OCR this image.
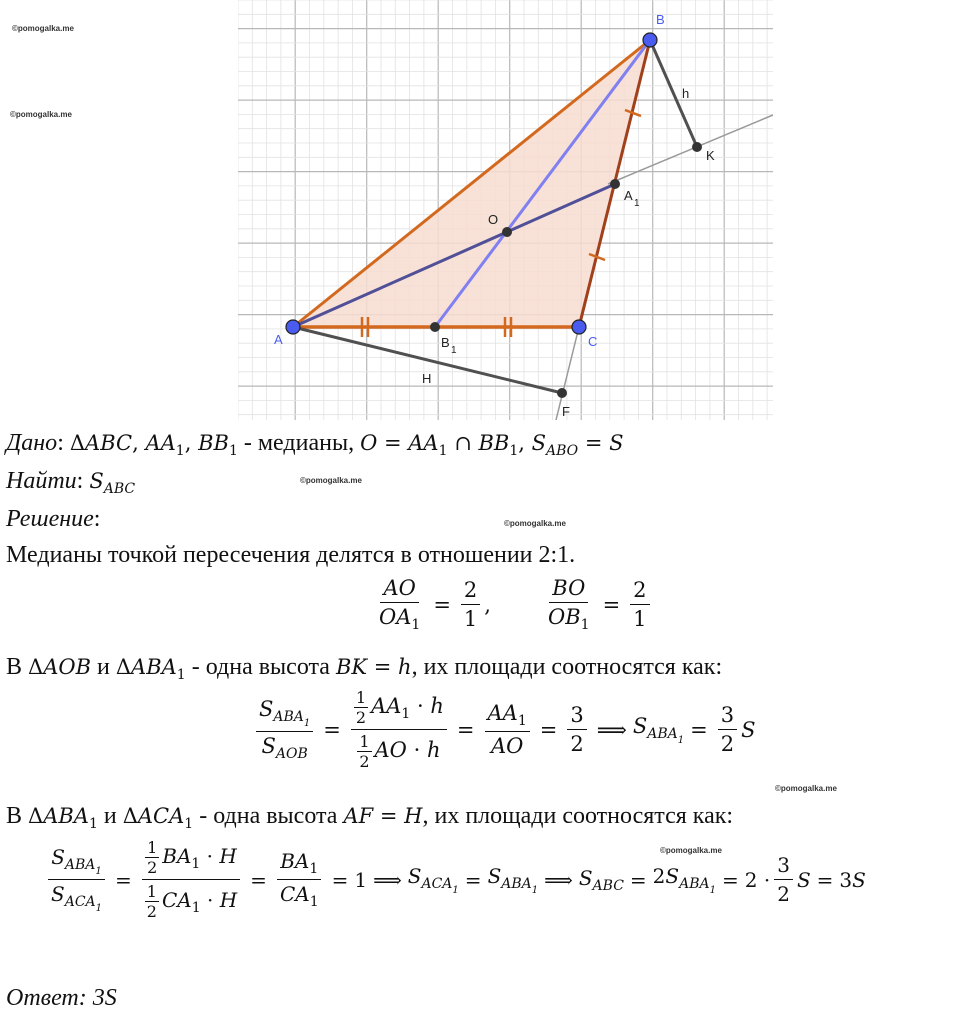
©pomogalka.me
©pomogalka.me
©pomogalka.me
©pomogalka.me
©pomogalka.me
©pomogalka.me
A
B
C
O
K
F
A
1
B
1
h
H
Дано: ΔABC, $AA_1$, $BB_1$ - медианы, $O = AA_1$ ∩ $BB_1$, $S_{ABO} = S$
Найти: $S_{ABC}$
Решение:
Медианы точкой пересечения делятся в отношении 2:1.
$\frac{AO}{OA_1} = \frac{2}{1}$ ,	$\frac{BO}{OB_1} = \frac{2}{1}$
В ΔAOB и $\Delta ABA_1$ - одна высота BK = h, их площади соотносятся как:
$\frac{S_{ABA_1}}{S_{AOB}} = \frac{\frac{1}{2} AA_1 \cdot h}{\frac{1}{2} AO \cdot h} = \frac{AA_1}{AO} = \frac{3}{2}$ ⟹ $S_{ABA_1} = \frac{3}{2}$ S
В $\Delta ABA_1$ и $\Delta ACA_1$ - одна высота AF = H, их площади соотносятся как:
$\frac{S_{ABA_1}}{S_{ACA_1}} = \frac{\frac{1}{2} BA_1 \cdot H}{\frac{1}{2} CA_1 \cdot H} = \frac{BA_1}{CA_1} = 1$ ⟹ $S_{ACA_1} = S_{ABA_1}$ ⟹ $S_{ABC} = 2S_{ABA_1} = 2 \cdot \frac{3}{2}$ S = 3S
Ответ: 3S
